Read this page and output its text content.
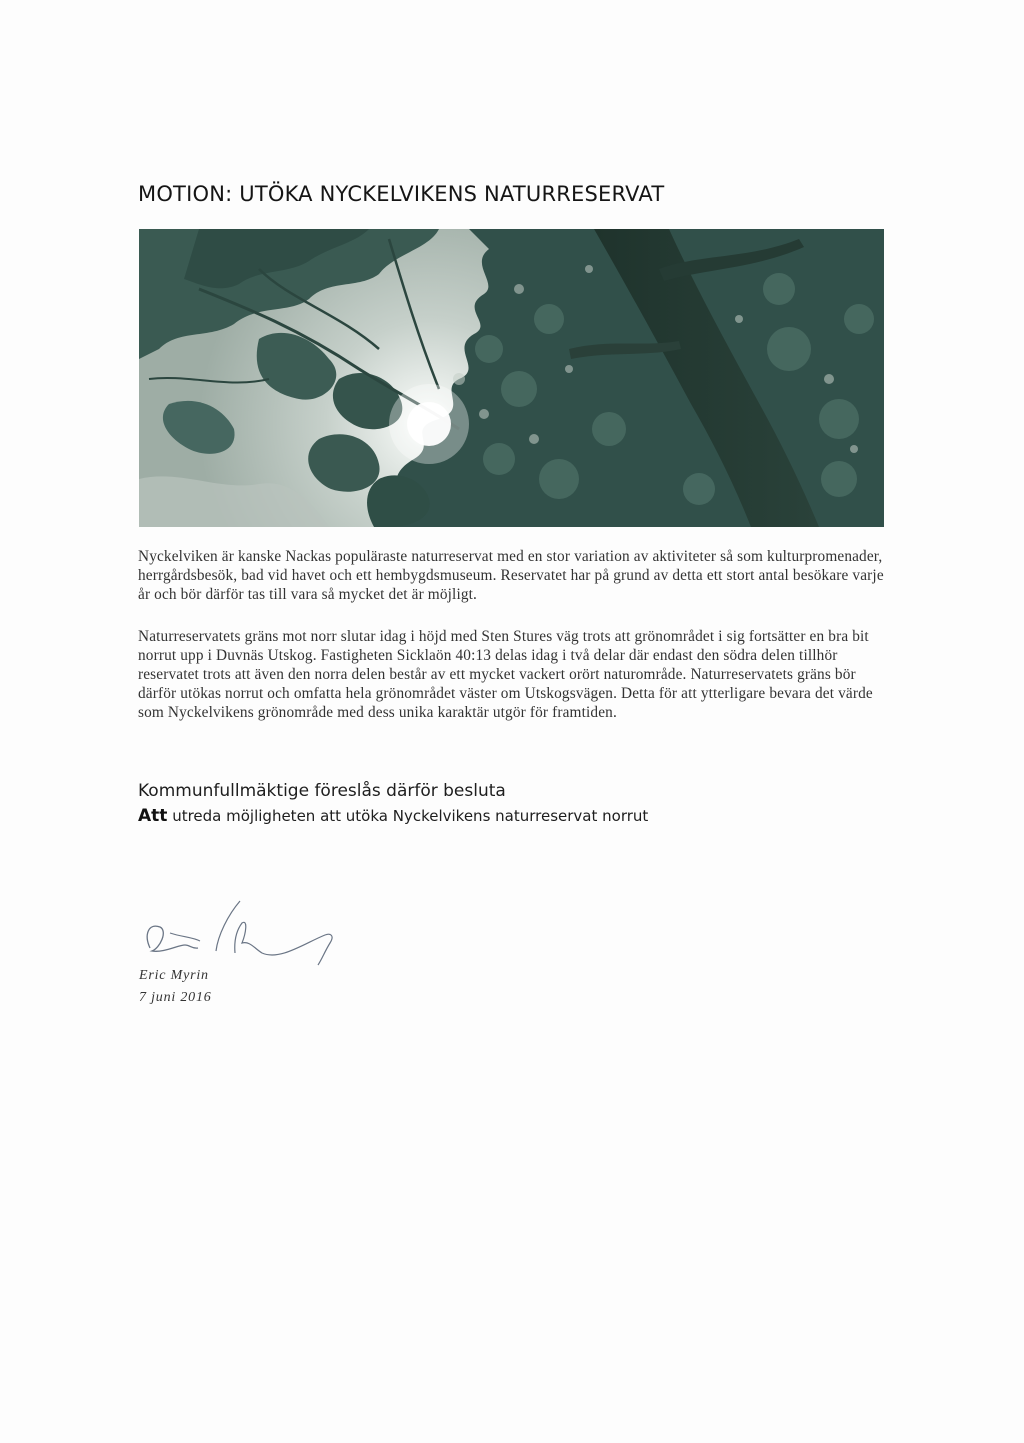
MOTION: UTÖKA NYCKELVIKENS NATURRESERVAT

Nyckelviken är kanske Nackas populäraste naturreservat med en stor variation av aktiviteter så som kulturpromenader, herrgårdsbesök, bad vid havet och ett hembygdsmuseum. Reservatet har på grund av detta ett stort antal besökare varje år och bör därför tas till vara så mycket det är möjligt.

Naturreservatets gräns mot norr slutar idag i höjd med Sten Stures väg trots att grönområdet i sig fortsätter en bra bit norrut upp i Duvnäs Utskog. Fastigheten Sicklaön 40:13 delas idag i två delar där endast den södra delen tillhör reservatet trots att även den norra delen består av ett mycket vackert orört naturområde. Naturreservatets gräns bör därför utökas norrut och omfatta hela grönområdet väster om Utskogsvägen. Detta för att ytterligare bevara det värde som Nyckelvikens grönområde med dess unika karaktär utgör för framtiden.

Kommunfullmäktige föreslås därför besluta

Att utreda möjligheten att utöka Nyckelvikens naturreservat norrut

Eric Myrin

7 juni 2016
